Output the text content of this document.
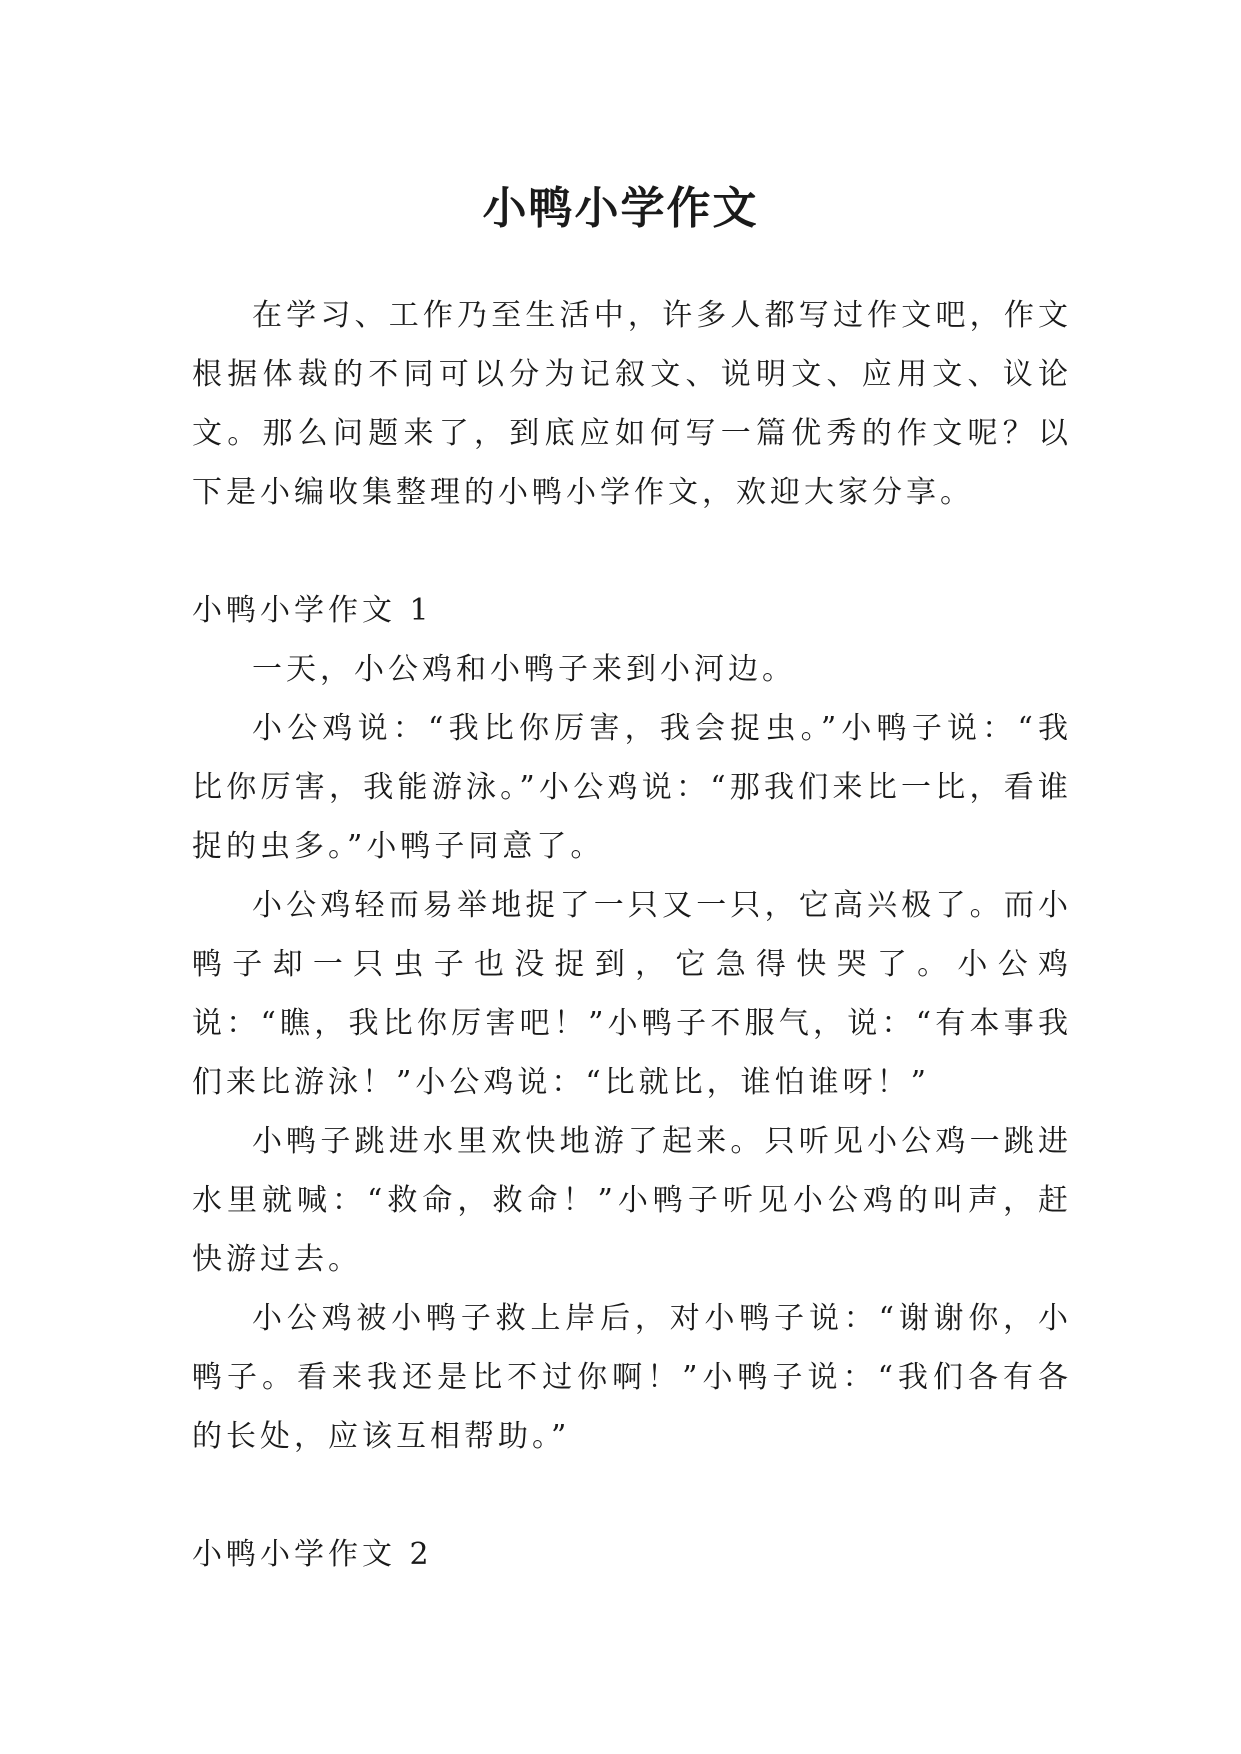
小鸭小学作文

在学习、工作乃至生活中，许多人都写过作文吧，作文根据体裁的不同可以分为记叙文、说明文、应用文、议论文。那么问题来了，到底应如何写一篇优秀的作文呢？以下是小编收集整理的小鸭小学作文，欢迎大家分享。

小鸭小学作文 1

一天，小公鸡和小鸭子来到小河边。

小公鸡说：“我比你厉害，我会捉虫。”小鸭子说：“我比你厉害，我能游泳。”小公鸡说：“那我们来比一比，看谁捉的虫多。”小鸭子同意了。

小公鸡轻而易举地捉了一只又一只，它高兴极了。而小鸭子却一只虫子也没捉到，它急得快哭了。小公鸡说：“瞧，我比你厉害吧！”小鸭子不服气，说：“有本事我们来比游泳！”小公鸡说：“比就比，谁怕谁呀！”

小鸭子跳进水里欢快地游了起来。只听见小公鸡一跳进水里就喊：“救命，救命！”小鸭子听见小公鸡的叫声，赶快游过去。

小公鸡被小鸭子救上岸后，对小鸭子说：“谢谢你，小鸭子。看来我还是比不过你啊！”小鸭子说：“我们各有各的长处，应该互相帮助。”

小鸭小学作文 2
